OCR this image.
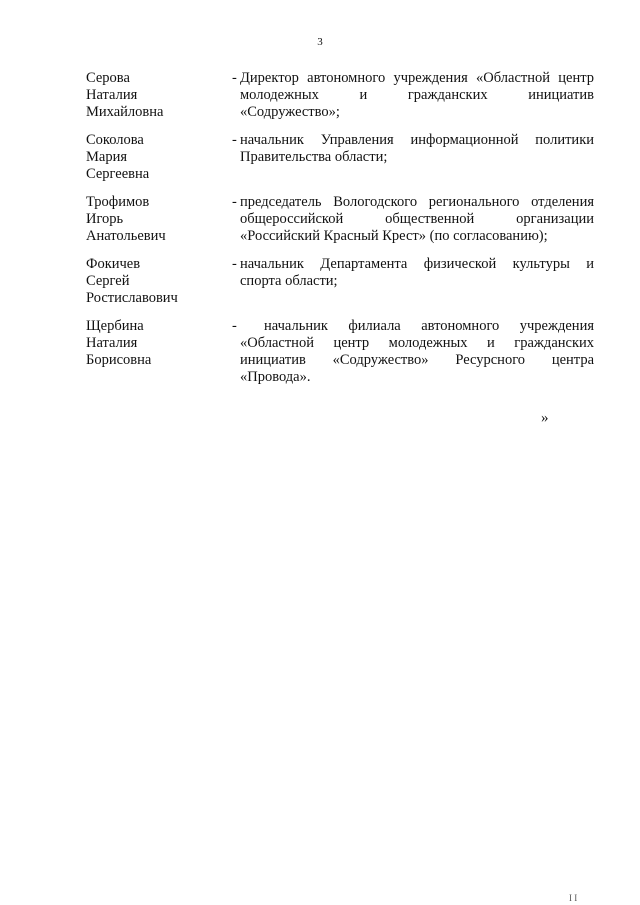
3
Серова
Наталия
Михайловна
- Директор автономного учреждения «Областной центр
молодежных и гражданских инициатив
«Содружество»;
Соколова
Мария
Сергеевна
- начальник Управления информационной политики
Правительства области;
Трофимов
Игорь
Анатольевич
- председатель Вологодского регионального отделения
общероссийской общественной организации
«Российский Красный Крест» (по согласованию);
Фокичев
Сергей
Ростиславович
- начальник Департамента физической культуры и
спорта области;
Щербина
Наталия
Борисовна
-	начальник филиала автономного учреждения
«Областной центр молодежных и гражданских
инициатив «Содружество» Ресурсного центра
«Провода».
»
I I
